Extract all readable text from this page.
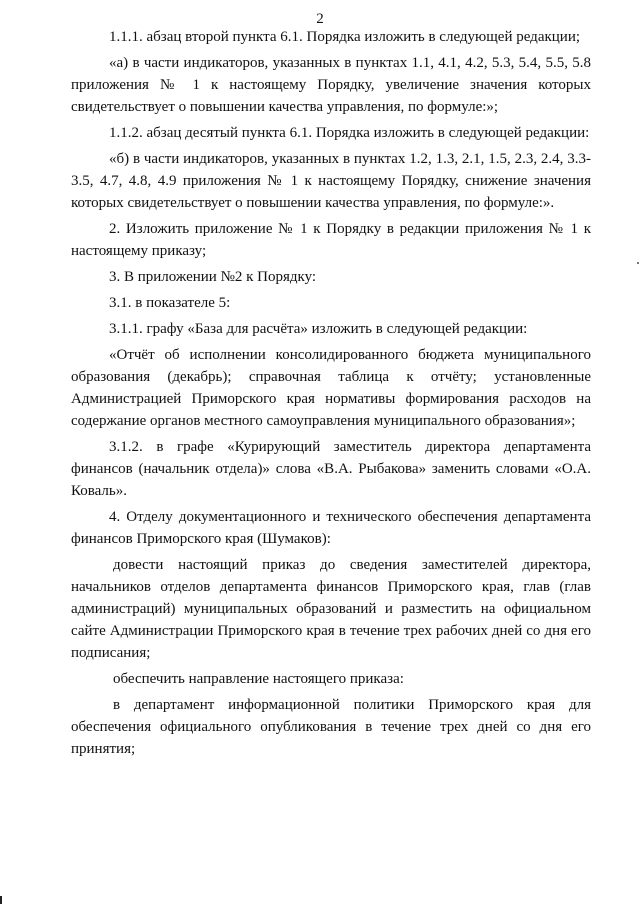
2

1.1.1. абзац второй пункта 6.1. Порядка изложить в следующей редакции;

«а) в части индикаторов, указанных в пунктах 1.1, 4.1, 4.2, 5.3, 5.4, 5.5, 5.8 приложения № 1 к настоящему Порядку, увеличение значения которых свидетельствует о повышении качества управления, по формуле:»;

1.1.2. абзац десятый пункта 6.1. Порядка изложить в следующей редакции:

«б) в части индикаторов, указанных в пунктах 1.2, 1.3, 2.1, 1.5, 2.3, 2.4, 3.3-3.5, 4.7, 4.8, 4.9 приложения № 1 к настоящему Порядку, снижение значения которых свидетельствует о повышении качества управления, по формуле:».

2. Изложить приложение № 1 к Порядку в редакции приложения № 1 к настоящему приказу;

3. В приложении №2 к Порядку:

3.1. в показателе 5:

3.1.1. графу «База для расчёта» изложить в следующей редакции:

«Отчёт об исполнении консолидированного бюджета муниципального образования (декабрь); справочная таблица к отчёту; установленные Администрацией Приморского края нормативы формирования расходов на содержание органов местного самоуправления муниципального образования»;

3.1.2. в графе «Курирующий заместитель директора департамента финансов (начальник отдела)» слова «В.А. Рыбакова» заменить словами «О.А. Коваль».

4. Отделу документационного и технического обеспечения департамента финансов Приморского края (Шумаков):

довести настоящий приказ до сведения заместителей директора, начальников отделов департамента финансов Приморского края, глав (глав администраций) муниципальных образований и разместить на официальном сайте Администрации Приморского края в течение трех рабочих дней со дня его подписания;

обеспечить направление настоящего приказа:

в департамент информационной политики Приморского края для обеспечения официального опубликования в течение трех дней со дня его принятия;
